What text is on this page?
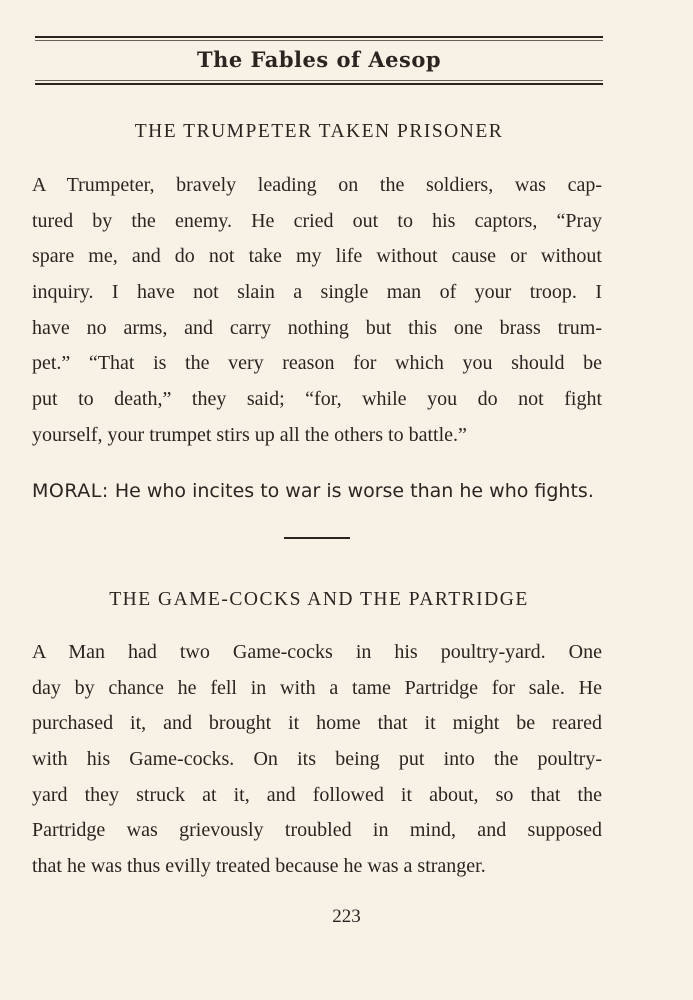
The Fables of Aesop
THE TRUMPETER TAKEN PRISONER
A Trumpeter, bravely leading on the soldiers, was cap-
tured by the enemy. He cried out to his captors, “Pray
spare me, and do not take my life without cause or without
inquiry. I have not slain a single man of your troop. I
have no arms, and carry nothing but this one brass trum-
pet.” “That is the very reason for which you should be
put to death,” they said; “for, while you do not fight
yourself, your trumpet stirs up all the others to battle.”
MORAL: He who incites to war is worse than he who fights.
THE GAME-COCKS AND THE PARTRIDGE
A Man had two Game-cocks in his poultry-yard. One
day by chance he fell in with a tame Partridge for sale. He
purchased it, and brought it home that it might be reared
with his Game-cocks. On its being put into the poultry-
yard they struck at it, and followed it about, so that the
Partridge was grievously troubled in mind, and supposed
that he was thus evilly treated because he was a stranger.
223
